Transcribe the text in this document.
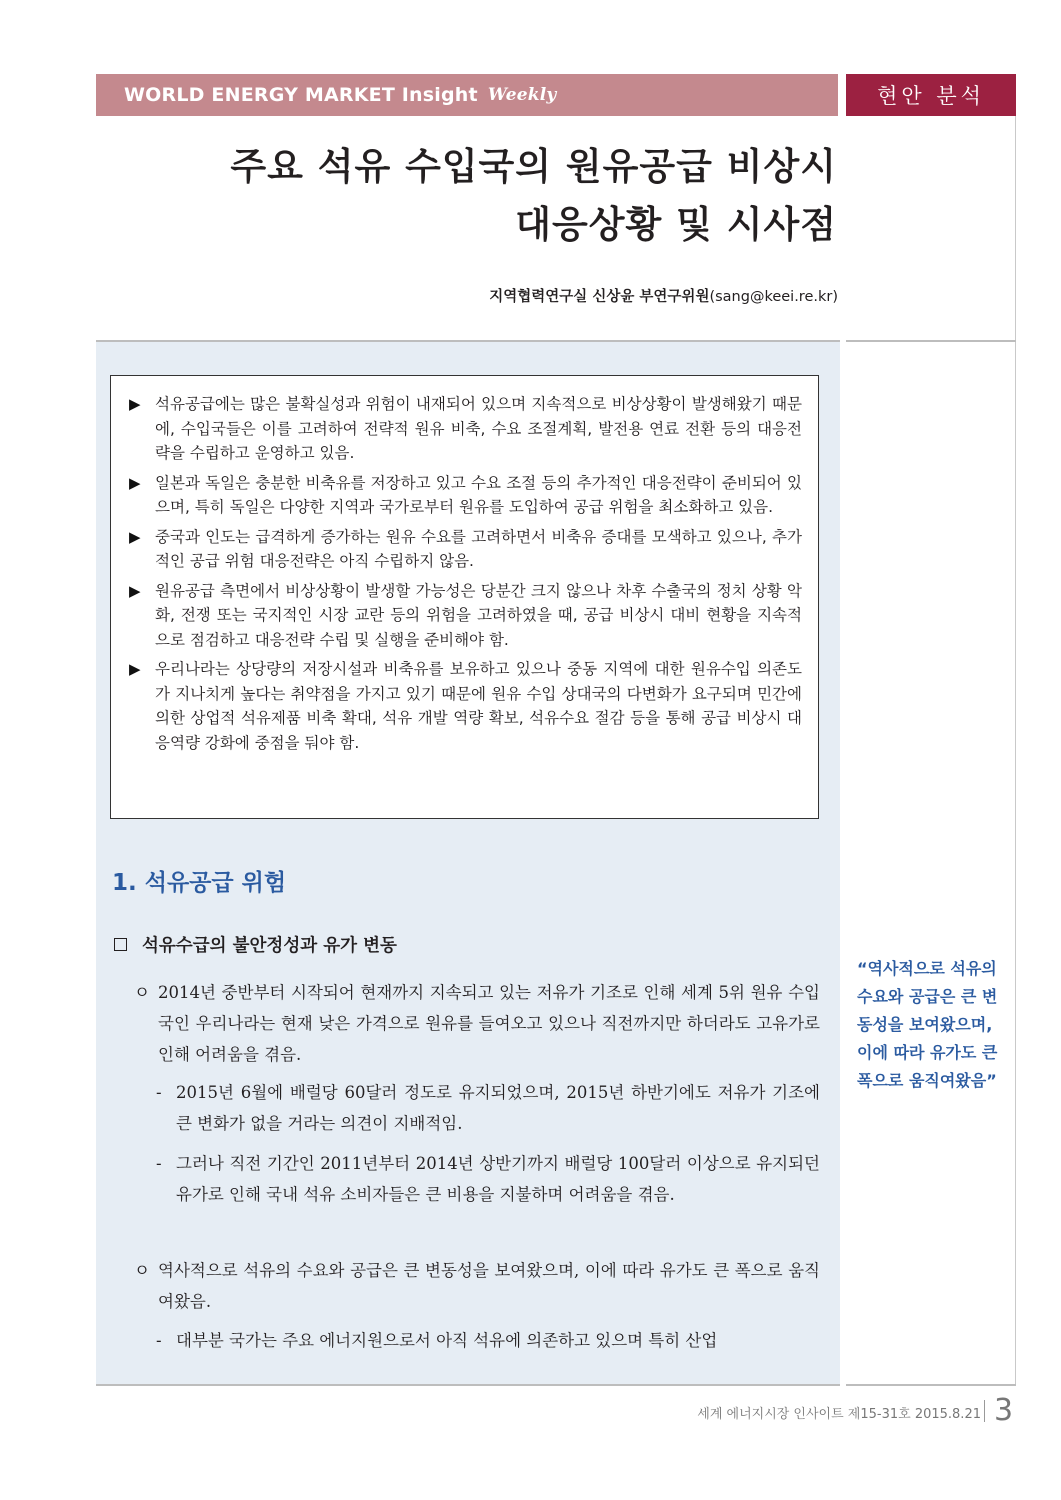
WORLD ENERGY MARKET Insight Weekly	현안 분석
주요 석유 수입국의 원유공급 비상시
대응상황 및 시사점
지역협력연구실 신상윤 부연구위원(sang@keei.re.kr)
▶ 석유공급에는 많은 불확실성과 위험이 내재되어 있으며 지속적으로 비상상황이 발생해왔기 때문에, 수입국들은 이를 고려하여 전략적 원유 비축, 수요 조절계획, 발전용 연료 전환 등의 대응전략을 수립하고 운영하고 있음.
▶ 일본과 독일은 충분한 비축유를 저장하고 있고 수요 조절 등의 추가적인 대응전략이 준비되어 있으며, 특히 독일은 다양한 지역과 국가로부터 원유를 도입하여 공급 위험을 최소화하고 있음.
▶ 중국과 인도는 급격하게 증가하는 원유 수요를 고려하면서 비축유 증대를 모색하고 있으나, 추가적인 공급 위험 대응전략은 아직 수립하지 않음.
▶ 원유공급 측면에서 비상상황이 발생할 가능성은 당분간 크지 않으나 차후 수출국의 정치 상황 악화, 전쟁 또는 국지적인 시장 교란 등의 위험을 고려하였을 때, 공급 비상시 대비 현황을 지속적으로 점검하고 대응전략 수립 및 실행을 준비해야 함.
▶ 우리나라는 상당량의 저장시설과 비축유를 보유하고 있으나 중동 지역에 대한 원유수입 의존도가 지나치게 높다는 취약점을 가지고 있기 때문에 원유 수입 상대국의 다변화가 요구되며 민간에 의한 상업적 석유제품 비축 확대, 석유 개발 역량 확보, 석유수요 절감 등을 통해 공급 비상시 대응역량 강화에 중점을 둬야 함.
1. 석유공급 위험
석유수급의 불안정성과 유가 변동
ㅇ 2014년 중반부터 시작되어 현재까지 지속되고 있는 저유가 기조로 인해 세계 5위 원유 수입국인 우리나라는 현재 낮은 가격으로 원유를 들여오고 있으나 직전까지만 하더라도 고유가로 인해 어려움을 겪음.
- 2015년 6월에 배럴당 60달러 정도로 유지되었으며, 2015년 하반기에도 저유가 기조에 큰 변화가 없을 거라는 의견이 지배적임.
- 그러나 직전 기간인 2011년부터 2014년 상반기까지 배럴당 100달러 이상으로 유지되던 유가로 인해 국내 석유 소비자들은 큰 비용을 지불하며 어려움을 겪음.
ㅇ 역사적으로 석유의 수요와 공급은 큰 변동성을 보여왔으며, 이에 따라 유가도 큰 폭으로 움직여왔음.
- 대부분 국가는 주요 에너지원으로서 아직 석유에 의존하고 있으며 특히 산업
“역사적으로 석유의 수요와 공급은 큰 변동성을 보여왔으며, 이에 따라 유가도 큰 폭으로 움직여왔음”
세계 에너지시장 인사이트 제15-31호 2015.8.21 3
